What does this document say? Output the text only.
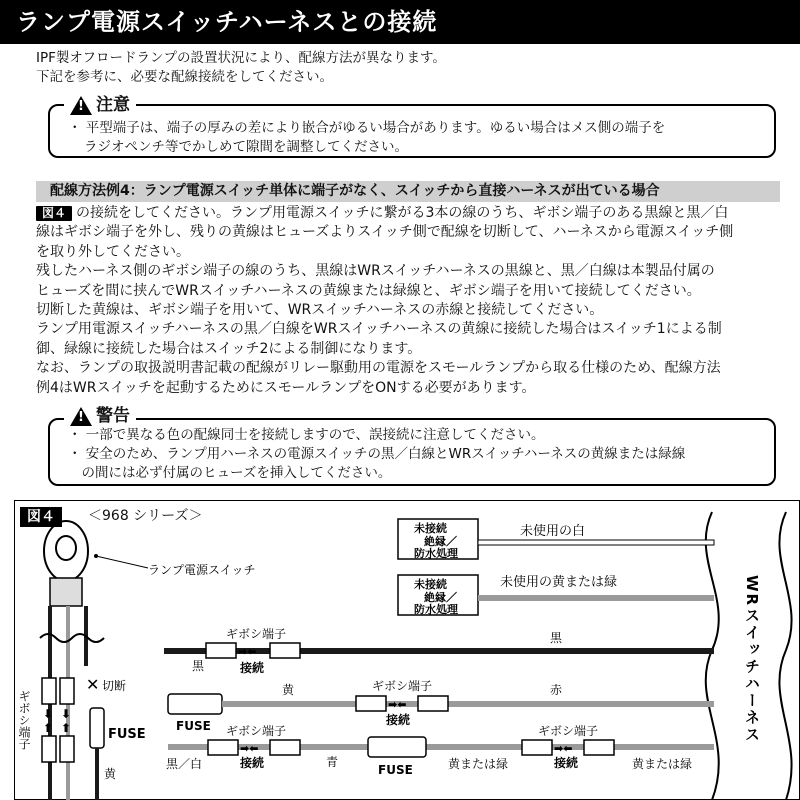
ランプ電源スイッチハーネスとの接続
IPF製オフロードランプの設置状況により、配線方法が異なります。
下記を参考に、必要な配線接続をしてください。
!
注意
・ 平型端子は、端子の厚みの差により嵌合がゆるい場合があります。ゆるい場合はメス側の端子を
ラジオペンチ等でかしめて隙間を調整してください。
配線方法例4：ランプ電源スイッチ単体に端子がなく、スイッチから直接ハーネスが出ている場合
図４ の接続をしてください。ランプ用電源スイッチに繋がる3本の線のうち、ギボシ端子のある黒線と黒／白
線はギボシ端子を外し、残りの黄線はヒューズよりスイッチ側で配線を切断して、ハーネスから電源スイッチ側
を取り外してください。
残したハーネス側のギボシ端子の線のうち、黒線はWRスイッチハーネスの黒線と、黒／白線は本製品付属の
ヒューズを間に挟んでWRスイッチハーネスの黄線または緑線と、ギボシ端子を用いて接続してください。
切断した黄線は、ギボシ端子を用いて、WRスイッチハーネスの赤線と接続してください。
ランプ用電源スイッチハーネスの黒／白線をWRスイッチハーネスの黄線に接続した場合はスイッチ1による制
御、緑線に接続した場合はスイッチ2による制御になります。
なお、ランプの取扱説明書記載の配線がリレー駆動用の電源をスモールランプから取る仕様のため、配線方法
例4はWRスイッチを起動するためにスモールランプをONする必要があります。
!
警告
・ 一部で異なる色の配線同士を接続しますので、誤接続に注意してください。
・ 安全のため、ランプ用ハーネスの電源スイッチの黒／白線とWRスイッチハーネスの黄線または緑線
　の間には必ず付属のヒューズを挿入してください。
WRスイッチハーネス
未接続
絶縁／
防水処理
未使用の白
未接続
絶縁／
防水処理
未使用の黄または緑
ランプ電源スイッチ
⬇ ⬇
⬆ ⬆
ギボシ端子
✕ 切断
FUSE
黄
➡⬅
ギボシ端子
接続
黒
黒
FUSE
➡⬅
ギボシ端子
接続
黄	赤
➡⬅
ギボシ端子
接続	FUSE
➡⬅
ギボシ端子
接続
黒／白	青	黄または緑	黄または緑
図４	＜968 シリーズ＞
